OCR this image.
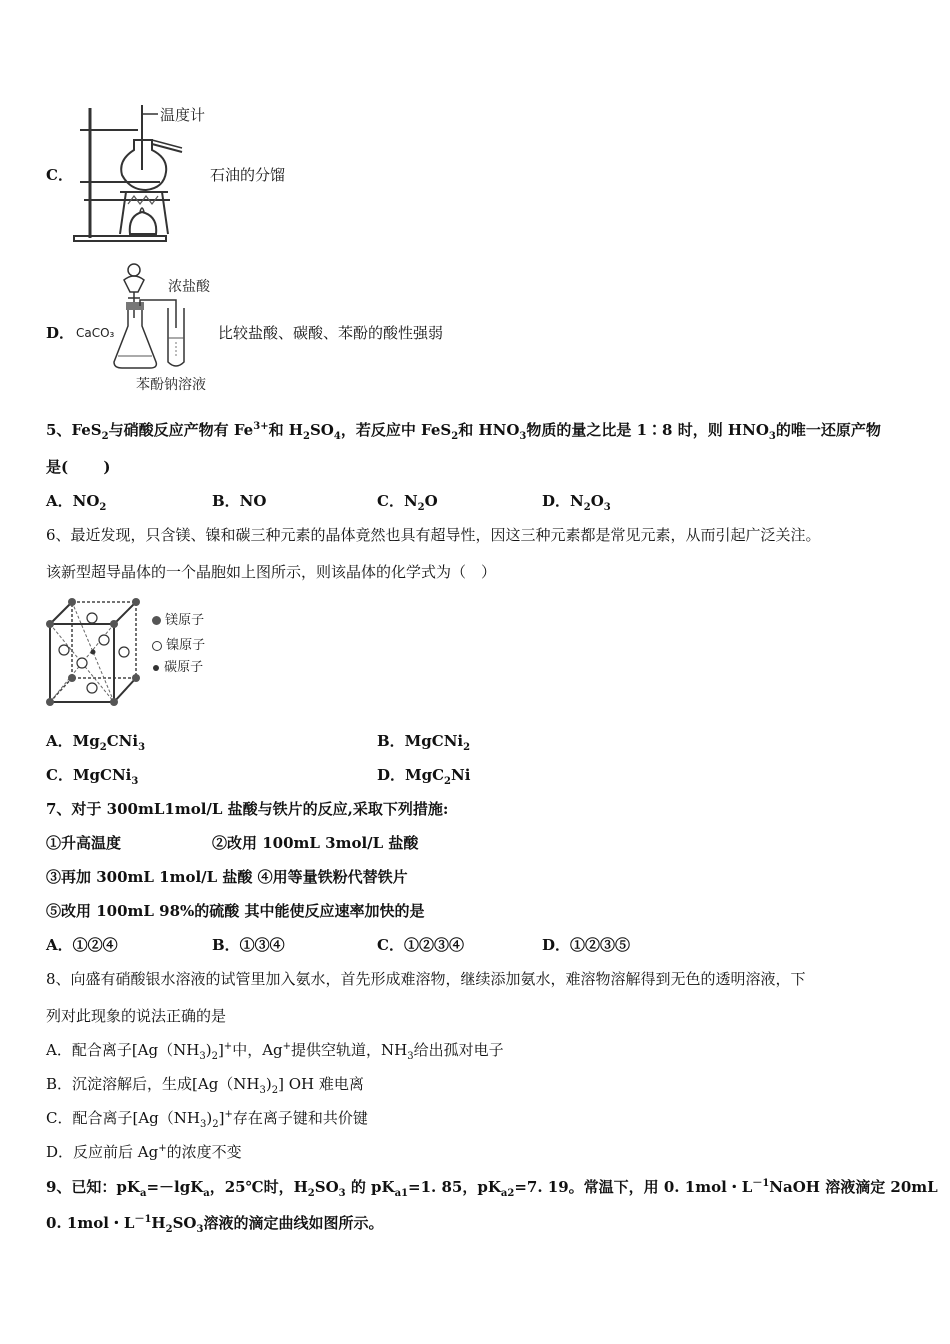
C．
温度计
石油的分馏
D． CaCO₃
浓盐酸
苯酚钠溶液
比较盐酸、碳酸、苯酚的酸性强弱
5、FeS$_2$与硝酸反应产物有 $Fe^{3+}$和 $H_2SO_4$，若反应中 FeS$_2$和 $HNO_3$物质的量之比是 1∶8 时，则 $HNO_3$的唯一还原产物
是(　　 )
A．$NO_2$	B．NO	C．$N_2O$	D．$N_2O_3$
6、最近发现，只含镁、镍和碳三种元素的晶体竟然也具有超导性，因这三种元素都是常见元素，从而引起广泛关注。
该新型超导晶体的一个晶胞如上图所示，则该晶体的化学式为（　）
镁原子
镍原子
碳原子
A．$Mg_2CNi_3$	B．MgCNi$_2$
C．MgCNi$_3$	D．MgC$_2$Ni
7、对于 300mL1mol/L 盐酸与铁片的反应,采取下列措施:
①升高温度	②改用 100mL 3mol/L 盐酸
③再加 300mL 1mol/L 盐酸 ④用等量铁粉代替铁片
⑤改用 100mL 98%的硫酸 其中能使反应速率加快的是
A．①②④	B．①③④	C．①②③④	D．①②③⑤
8、向盛有硝酸银水溶液的试管里加入氨水，首先形成难溶物，继续添加氨水，难溶物溶解得到无色的透明溶液，下
列对此现象的说法正确的是
A．配合离子$[Ag(NH_3)_2]^+$中，Ag+提供空轨道，$NH_3$给出孤对电子
B．沉淀溶解后，生成$[Ag(NH_3)_2]$ OH 难电离
C．配合离子$[Ag(NH_3)_2]^+$存在离子键和共价键
D．反应前后 Ag+的浓度不变
9、已知：$pK_a=-\lg K_a$，25℃时，$H_2SO_3$ 的 $pK_{a1}=1$. 85，$pK_{a2}=7$. 19。常温下，用 0. 1mol・$L^{-1}NaOH$ 溶液滴定 20mL
0. 1mol・$L^{-1}H_2SO_3$溶液的滴定曲线如图所示。
